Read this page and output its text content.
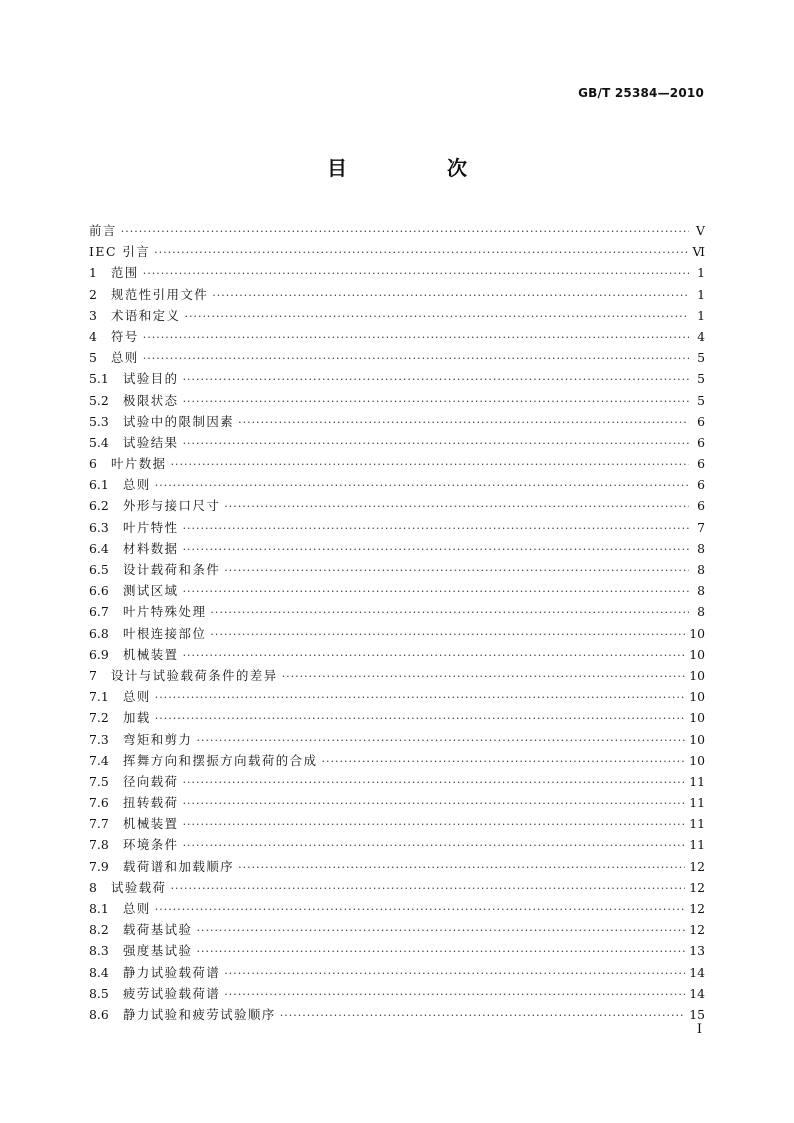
GB/T 25384—2010
目　次
前言 ·····	Ⅴ
IEC 引言 ·····	Ⅵ
1	范围 ·····	1
2	规范性引用文件 ·····	1
3	术语和定义 ·····	1
4	符号 ·····	4
5	总则 ·····	5
5.1	试验目的 ·····	5
5.2	极限状态 ·····	5
5.3	试验中的限制因素 ·····	6
5.4	试验结果 ·····	6
6	叶片数据 ·····	6
6.1	总则 ·····	6
6.2	外形与接口尺寸 ·····	6
6.3	叶片特性 ·····	7
6.4	材料数据 ·····	8
6.5	设计载荷和条件 ·····	8
6.6	测试区域 ·····	8
6.7	叶片特殊处理 ·····	8
6.8	叶根连接部位 ·····	10
6.9	机械装置 ·····	10
7	设计与试验载荷条件的差异 ·····	10
7.1	总则 ·····	10
7.2	加载 ·····	10
7.3	弯矩和剪力 ·····	10
7.4	挥舞方向和摆振方向载荷的合成 ·····	10
7.5	径向载荷 ·····	11
7.6	扭转载荷 ·····	11
7.7	机械装置 ·····	11
7.8	环境条件 ·····	11
7.9	载荷谱和加载顺序 ·····	12
8	试验载荷 ·····	12
8.1	总则 ·····	12
8.2	载荷基试验 ·····	12
8.3	强度基试验 ·····	13
8.4	静力试验载荷谱 ·····	14
8.5	疲劳试验载荷谱 ·····	14
8.6	静力试验和疲劳试验顺序 ·····	15
I
